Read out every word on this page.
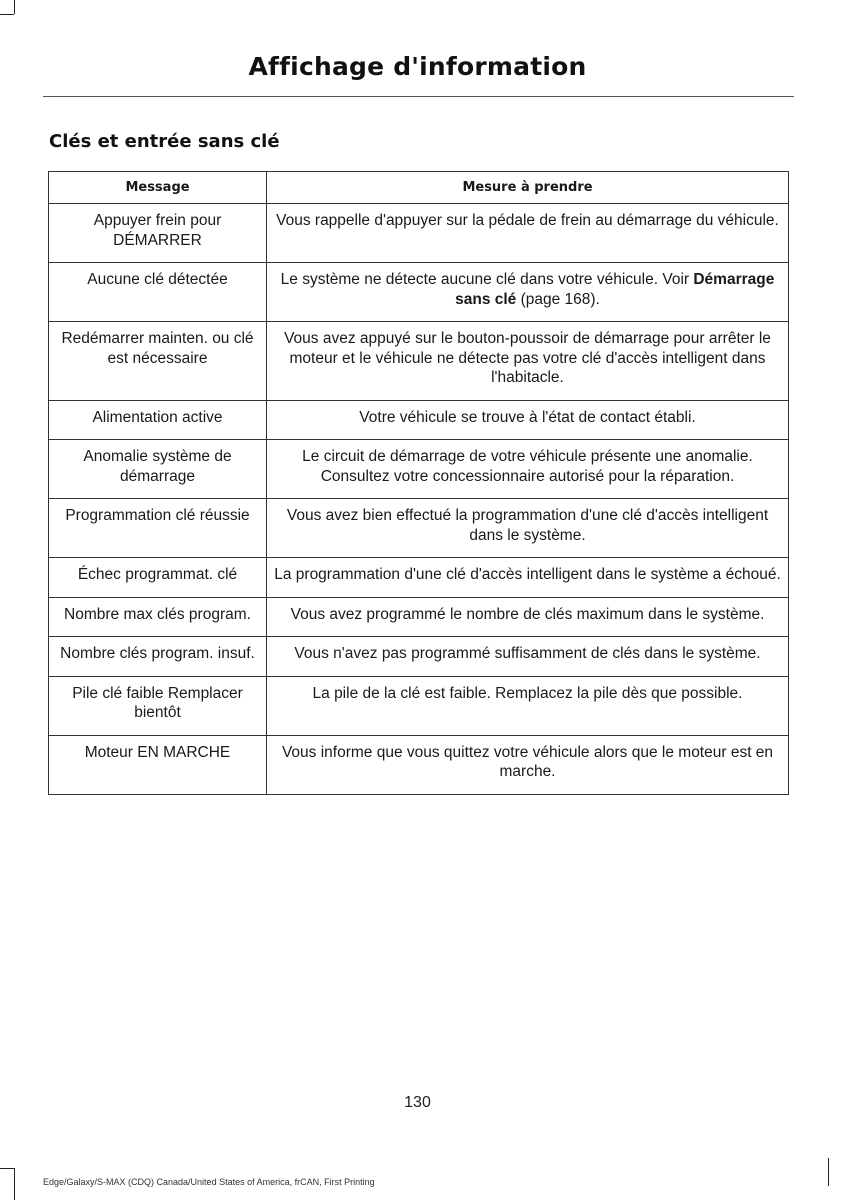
Affichage d'information
Clés et entrée sans clé
Message	Mesure à prendre
Appuyer frein pour DÉMARRER	Vous rappelle d'appuyer sur la pédale de frein au démarrage du véhicule.
Aucune clé détectée	Le système ne détecte aucune clé dans votre véhicule. Voir Démarrage sans clé (page 168).
Redémarrer mainten. ou clé est nécessaire	Vous avez appuyé sur le bouton-poussoir de démarrage pour arrêter le moteur et le véhicule ne détecte pas votre clé d'accès intelligent dans l'habitacle.
Alimentation active	Votre véhicule se trouve à l'état de contact établi.
Anomalie système de démarrage	Le circuit de démarrage de votre véhicule présente une anomalie. Consultez votre concessionnaire autorisé pour la réparation.
Programmation clé réussie	Vous avez bien effectué la programmation d'une clé d'accès intelligent dans le système.
Échec programmat. clé	La programmation d'une clé d'accès intelligent dans le système a échoué.
Nombre max clés program.	Vous avez programmé le nombre de clés maximum dans le système.
Nombre clés program. insuf.	Vous n'avez pas programmé suffisamment de clés dans le système.
Pile clé faible Remplacer bientôt	La pile de la clé est faible. Remplacez la pile dès que possible.
Moteur EN MARCHE	Vous informe que vous quittez votre véhicule alors que le moteur est en marche.
130
Edge/Galaxy/S-MAX (CDQ) Canada/United States of America, frCAN, First Printing
